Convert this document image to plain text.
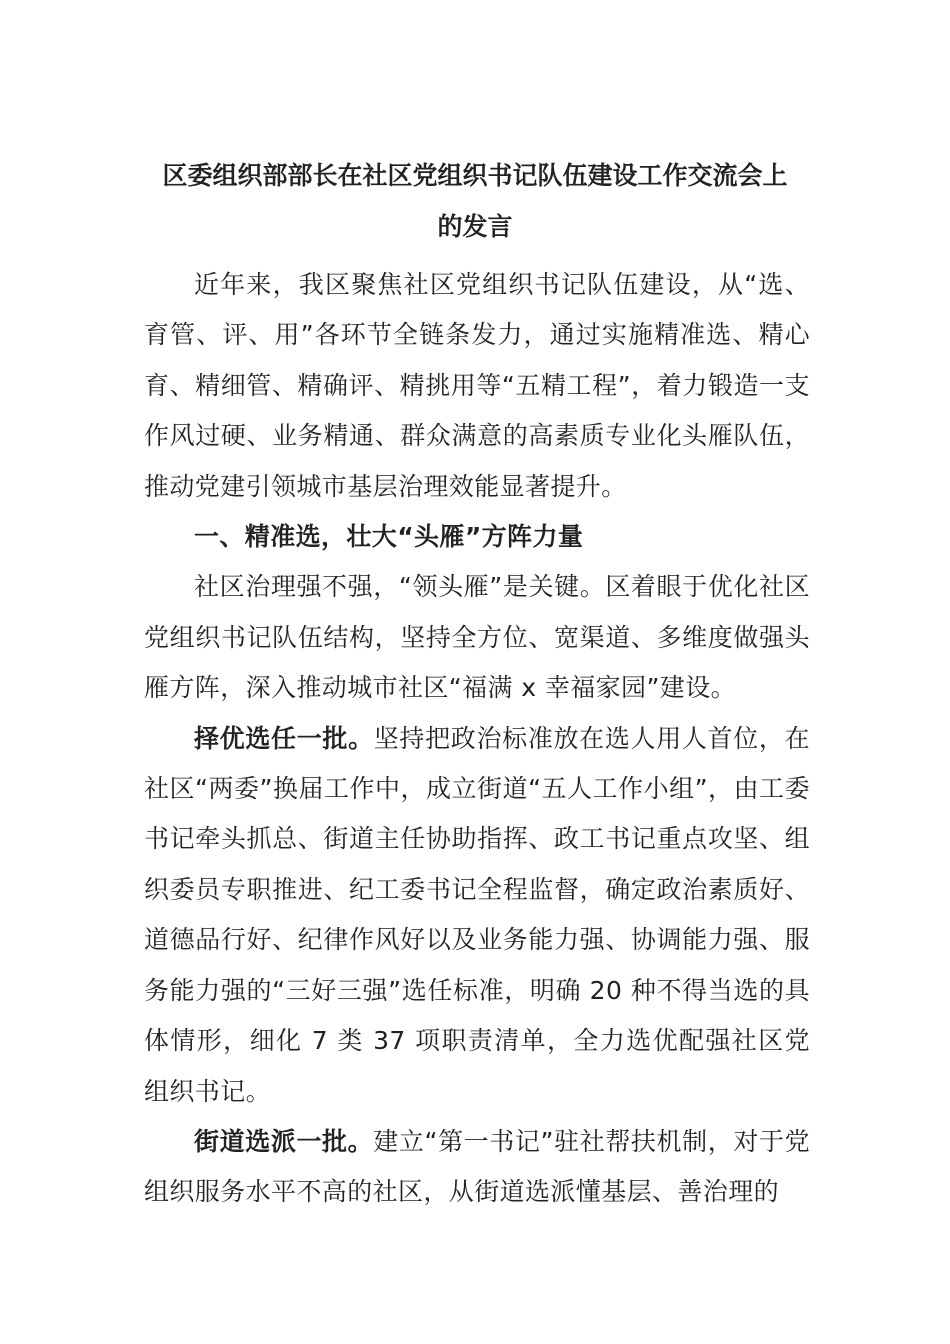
区委组织部部长在社区党组织书记队伍建设工作交流会上
的发言

近年来，我区聚焦社区党组织书记队伍建设，从“选、育管、评、用”各环节全链条发力，通过实施精准选、精心育、精细管、精确评、精挑用等“五精工程”，着力锻造一支作风过硬、业务精通、群众满意的高素质专业化头雁队伍，推动党建引领城市基层治理效能显著提升。

一、精准选，壮大“头雁”方阵力量

社区治理强不强，“领头雁”是关键。区着眼于优化社区党组织书记队伍结构，坚持全方位、宽渠道、多维度做强头雁方阵，深入推动城市社区“福满 x 幸福家园”建设。

择优选任一批。坚持把政治标准放在选人用人首位，在社区“两委”换届工作中，成立街道“五人工作小组”，由工委书记牵头抓总、街道主任协助指挥、政工书记重点攻坚、组织委员专职推进、纪工委书记全程监督，确定政治素质好、道德品行好、纪律作风好以及业务能力强、协调能力强、服务能力强的“三好三强”选任标准，明确 20 种不得当选的具体情形，细化 7 类 37 项职责清单，全力选优配强社区党组织书记。

街道选派一批。建立“第一书记”驻社帮扶机制，对于党组织服务水平不高的社区，从街道选派懂基层、善治理的
